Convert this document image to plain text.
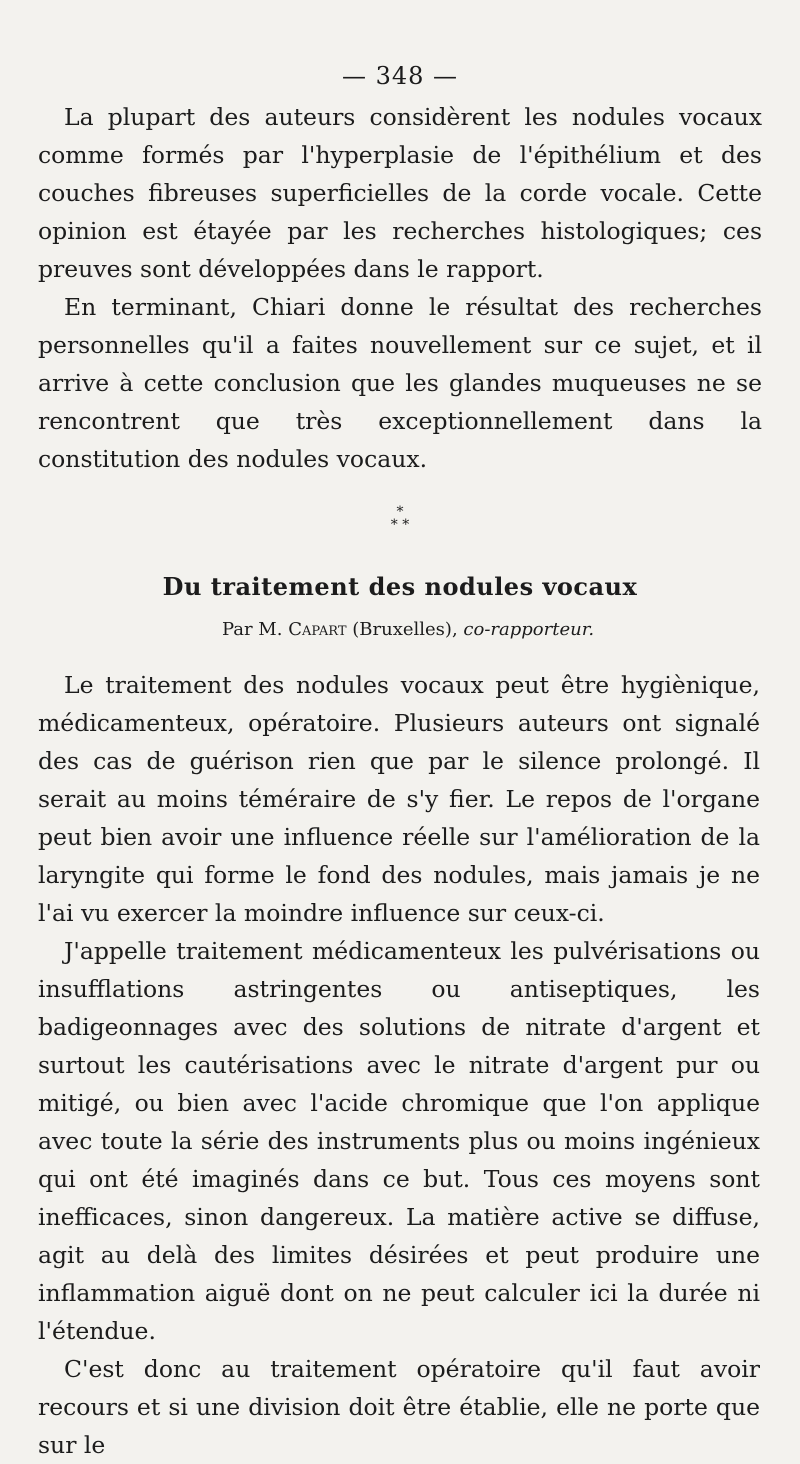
— 348 —

La plupart des auteurs considèrent les nodules vocaux comme formés par l'hyperplasie de l'épithélium et des couches fibreuses superficielles de la corde vocale. Cette opinion est étayée par les recherches histologiques; ces preuves sont développées dans le rapport.

En terminant, Chiari donne le résultat des recherches personnelles qu'il a faites nouvellement sur ce sujet, et il arrive à cette conclusion que les glandes muqueuses ne se rencontrent que très exceptionnellement dans la constitution des nodules vocaux.

*
* *
Du traitement des nodules vocaux
Par M. Capart (Bruxelles), co-rapporteur.

Le traitement des nodules vocaux peut être hygiènique, médicamenteux, opératoire. Plusieurs auteurs ont signalé des cas de guérison rien que par le silence prolongé. Il serait au moins téméraire de s'y fier. Le repos de l'organe peut bien avoir une influence réelle sur l'amélioration de la laryngite qui forme le fond des nodules, mais jamais je ne l'ai vu exercer la moindre influence sur ceux-ci.

J'appelle traitement médicamenteux les pulvérisations ou insufflations astringentes ou antiseptiques, les badigeonnages avec des solutions de nitrate d'argent et surtout les cautérisations avec le nitrate d'argent pur ou mitigé, ou bien avec l'acide chromique que l'on applique avec toute la série des instruments plus ou moins ingénieux qui ont été imaginés dans ce but. Tous ces moyens sont inefficaces, sinon dangereux. La matière active se diffuse, agit au delà des limites désirées et peut produire une inflammation aiguë dont on ne peut calculer ici la durée ni l'étendue.

C'est donc au traitement opératoire qu'il faut avoir recours et si une division doit être établie, elle ne porte que sur le
